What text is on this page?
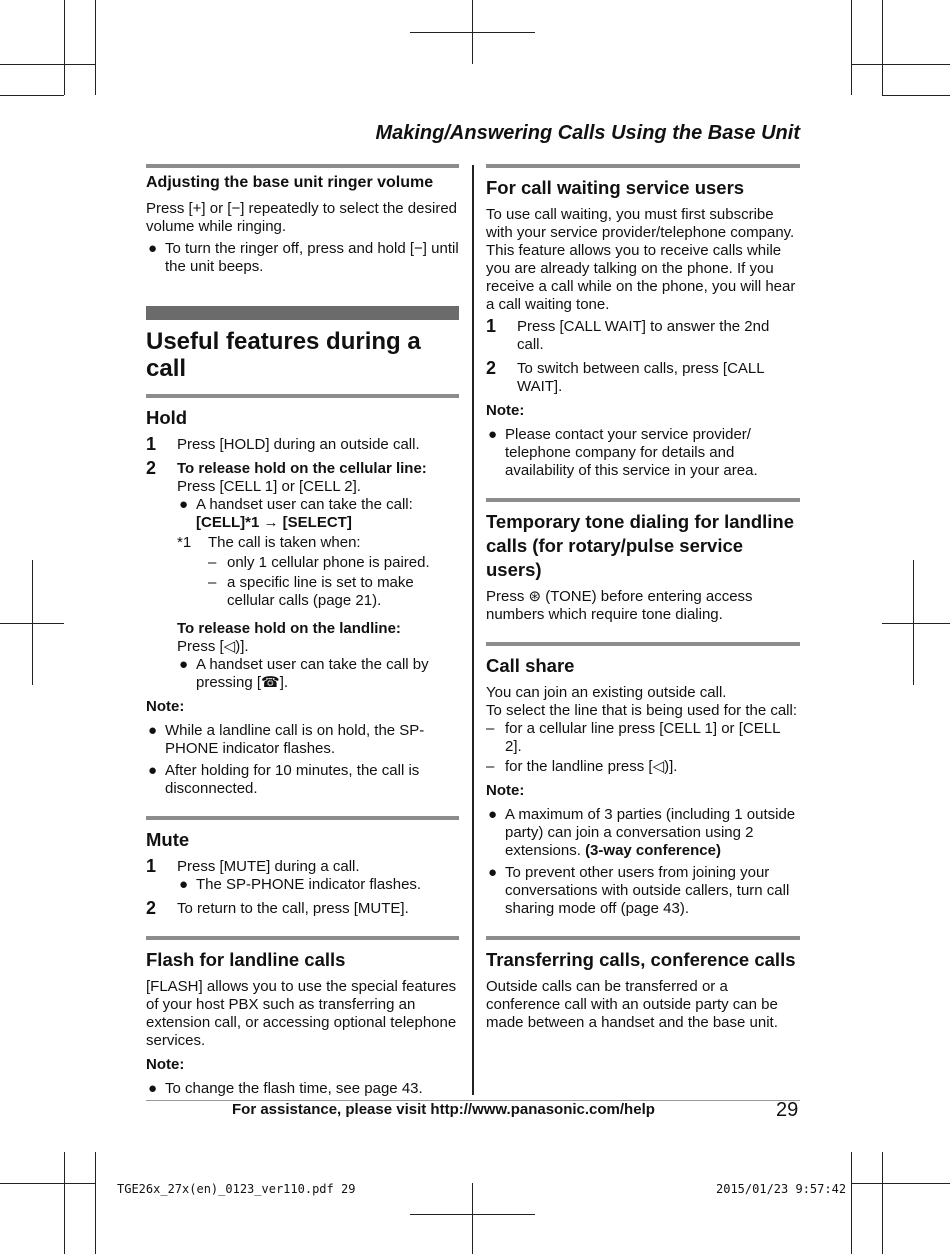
Making/Answering Calls Using the Base Unit
Adjusting the base unit ringer volume

Press [+] or [−] repeatedly to select the desired volume while ringing.

● To turn the ringer off, press and hold [−] until the unit beeps.
Useful features during a call
Hold
1 Press [HOLD] during an outside call.
2 To release hold on the cellular line:
Press [CELL 1] or [CELL 2].
● A handset user can take the call:
[CELL]*1 → [SELECT]
*1 The call is taken when:
– only 1 cellular phone is paired.
– a specific line is set to make cellular calls (page 21).
To release hold on the landline:
Press [◁)].
● A handset user can take the call by pressing [☎].
Note:
● While a landline call is on hold, the SP-PHONE indicator flashes.
● After holding for 10 minutes, the call is disconnected.
Mute
1 Press [MUTE] during a call.
● The SP-PHONE indicator flashes.
2 To return to the call, press [MUTE].
Flash for landline calls

[FLASH] allows you to use the special features of your host PBX such as transferring an extension call, or accessing optional telephone services.

Note:
● To change the flash time, see page 43.
For call waiting service users

To use call waiting, you must first subscribe with your service provider/telephone company. This feature allows you to receive calls while you are already talking on the phone. If you receive a call while on the phone, you will hear a call waiting tone.

1 Press [CALL WAIT] to answer the 2nd call.
2 To switch between calls, press [CALL WAIT].
Note:
● Please contact your service provider/ telephone company for details and availability of this service in your area.
Temporary tone dialing for landline calls (for rotary/pulse service users)

Press ⊛ (TONE) before entering access numbers which require tone dialing.

Call share

You can join an existing outside call.

To select the line that is being used for the call:

– for a cellular line press [CELL 1] or [CELL 2].
– for the landline press [◁)].
Note:
● A maximum of 3 parties (including 1 outside party) can join a conversation using 2 extensions. (3-way conference)
● To prevent other users from joining your conversations with outside callers, turn call sharing mode off (page 43).
Transferring calls, conference calls

Outside calls can be transferred or a conference call with an outside party can be made between a handset and the base unit.

For assistance, please visit http://www.panasonic.com/help	29
TGE26x_27x(en)_0123_ver110.pdf 29	2015/01/23 9:57:42
